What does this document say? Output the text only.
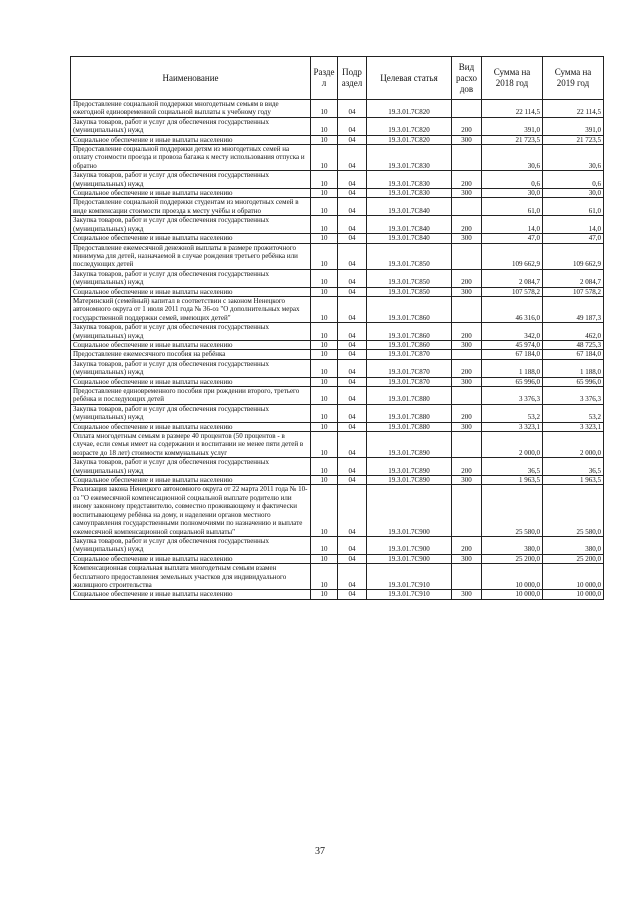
Наименование	Разде л	Подр аздел	Целевая статья	Вид расхо дов	Сумма на 2018 год	Сумма на 2019 год
Предоставление социальной поддержки многодетным семьям в виде ежегодной единовременной социальной выплаты к учебному году	10	04	19.3.01.7С820		22 114,5	22 114,5
Закупка товаров, работ и услуг для обеспечения государственных (муниципальных) нужд	10	04	19.3.01.7С820	200	391,0	391,0
Социальное обеспечение и иные выплаты населению	10	04	19.3.01.7С820	300	21 723,5	21 723,5
Предоставление социальной поддержки детям из многодетных семей на оплату стоимости проезда и провоза багажа к месту использования отпуска и обратно	10	04	19.3.01.7С830		30,6	30,6
Закупка товаров, работ и услуг для обеспечения государственных (муниципальных) нужд	10	04	19.3.01.7С830	200	0,6	0,6
Социальное обеспечение и иные выплаты населению	10	04	19.3.01.7С830	300	30,0	30,0
Предоставление социальной поддержки студентам из многодетных семей в виде компенсации стоимости проезда к месту учёбы и обратно	10	04	19.3.01.7С840		61,0	61,0
Закупка товаров, работ и услуг для обеспечения государственных (муниципальных) нужд	10	04	19.3.01.7С840	200	14,0	14,0
Социальное обеспечение и иные выплаты населению	10	04	19.3.01.7С840	300	47,0	47,0
Предоставление ежемесячной денежной выплаты в размере прожиточного минимума для детей, назначаемой в случае рождения третьего ребёнка или последующих детей	10	04	19.3.01.7С850		109 662,9	109 662,9
Закупка товаров, работ и услуг для обеспечения государственных (муниципальных) нужд	10	04	19.3.01.7С850	200	2 084,7	2 084,7
Социальное обеспечение и иные выплаты населению	10	04	19.3.01.7С850	300	107 578,2	107 578,2
Материнский (семейный) капитал в соответствии с законом Ненецкого автономного округа от 1 июля 2011 года № 36-оз "О дополнительных мерах государственной поддержки семей, имеющих детей"	10	04	19.3.01.7С860		46 316,0	49 187,3
Закупка товаров, работ и услуг для обеспечения государственных (муниципальных) нужд	10	04	19.3.01.7С860	200	342,0	462,0
Социальное обеспечение и иные выплаты населению	10	04	19.3.01.7С860	300	45 974,0	48 725,3
Предоставление ежемесячного пособия на ребёнка	10	04	19.3.01.7С870		67 184,0	67 184,0
Закупка товаров, работ и услуг для обеспечения государственных (муниципальных) нужд	10	04	19.3.01.7С870	200	1 188,0	1 188,0
Социальное обеспечение и иные выплаты населению	10	04	19.3.01.7С870	300	65 996,0	65 996,0
Предоставление единовременного пособия при рождении второго, третьего ребёнка и последующих детей	10	04	19.3.01.7С880		3 376,3	3 376,3
Закупка товаров, работ и услуг для обеспечения государственных (муниципальных) нужд	10	04	19.3.01.7С880	200	53,2	53,2
Социальное обеспечение и иные выплаты населению	10	04	19.3.01.7С880	300	3 323,1	3 323,1
Оплата многодетным семьям в размере 40 процентов (50 процентов - в случае, если семья имеет на содержании и воспитании не менее пяти детей в возрасте до 18 лет) стоимости коммунальных услуг	10	04	19.3.01.7С890		2 000,0	2 000,0
Закупка товаров, работ и услуг для обеспечения государственных (муниципальных) нужд	10	04	19.3.01.7С890	200	36,5	36,5
Социальное обеспечение и иные выплаты населению	10	04	19.3.01.7С890	300	1 963,5	1 963,5
Реализация закона Ненецкого автономного округа от 22 марта 2011 года № 10-оз "О ежемесячной компенсационной социальной выплате родителю или иному законному представителю, совместно проживающему и фактически воспитывающему ребёнка на дому, и наделении органов местного самоуправления государственными полномочиями по назначению и выплате ежемесячной компенсационной социальной выплаты"	10	04	19.3.01.7С900		25 580,0	25 580,0
Закупка товаров, работ и услуг для обеспечения государственных (муниципальных) нужд	10	04	19.3.01.7С900	200	380,0	380,0
Социальное обеспечение и иные выплаты населению	10	04	19.3.01.7С900	300	25 200,0	25 200,0
Компенсационная социальная выплата многодетным семьям взамен бесплатного предоставления земельных участков для индивидуального жилищного строительства	10	04	19.3.01.7С910		10 000,0	10 000,0
Социальное обеспечение и иные выплаты населению	10	04	19.3.01.7С910	300	10 000,0	10 000,0
37
